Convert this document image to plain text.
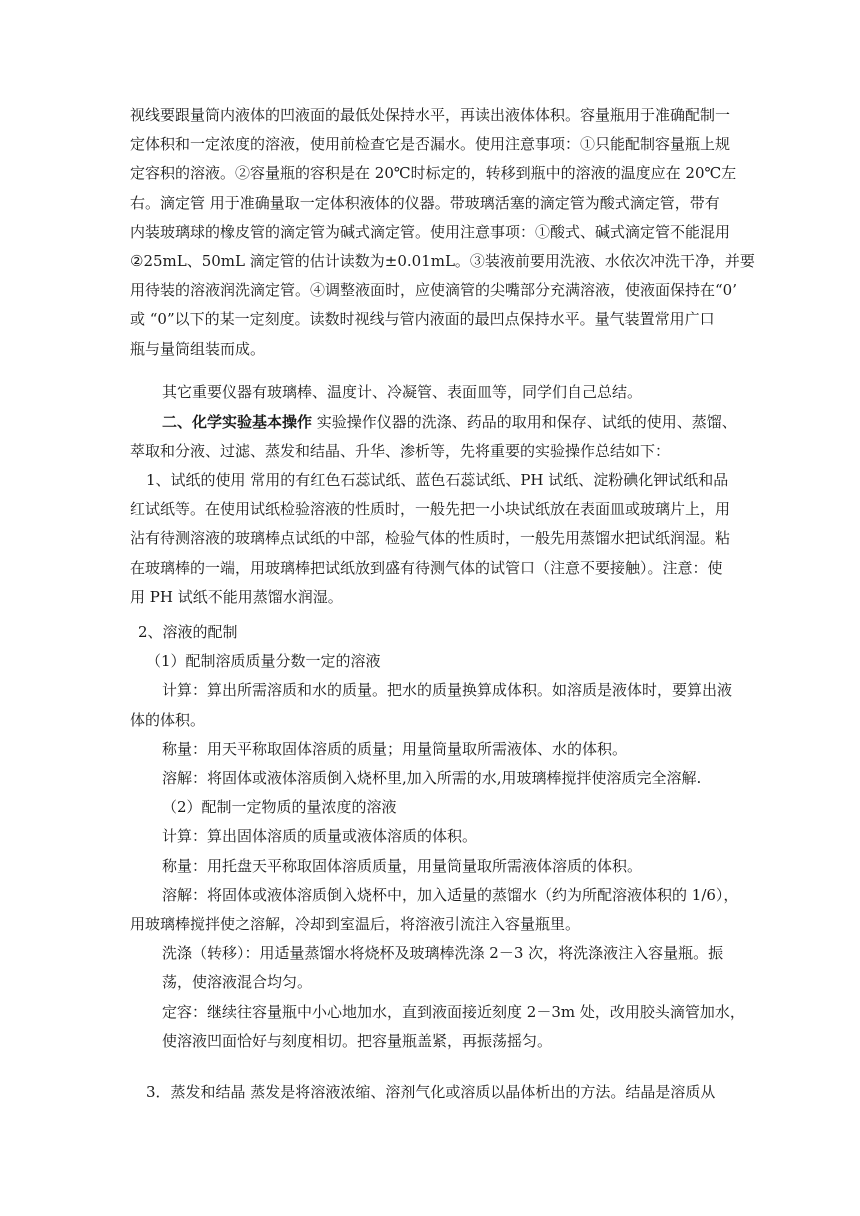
视线要跟量筒内液体的凹液面的最低处保持水平，再读出液体体积。容量瓶用于准确配制一
定体积和一定浓度的溶液，使用前检查它是否漏水。使用注意事项：①只能配制容量瓶上规
定容积的溶液。②容量瓶的容积是在 20℃时标定的，转移到瓶中的溶液的温度应在 20℃左
右。滴定管 用于准确量取一定体积液体的仪器。带玻璃活塞的滴定管为酸式滴定管，带有
内装玻璃球的橡皮管的滴定管为碱式滴定管。使用注意事项：①酸式、碱式滴定管不能混用
②25mL、50mL 滴定管的估计读数为±0.01mL。③装液前要用洗液、水依次冲洗干净，并要
用待装的溶液润洗滴定管。④调整液面时，应使滴管的尖嘴部分充满溶液，使液面保持在“0’
或 “0”以下的某一定刻度。读数时视线与管内液面的最凹点保持水平。量气装置常用广口
瓶与量筒组装而成。

其它重要仪器有玻璃棒、温度计、冷凝管、表面皿等，同学们自己总结。

二、化学实验基本操作 实验操作仪器的洗涤、药品的取用和保存、试纸的使用、蒸馏、
萃取和分液、过滤、蒸发和结晶、升华、渗析等，先将重要的实验操作总结如下：

1、试纸的使用 常用的有红色石蕊试纸、蓝色石蕊试纸、PH 试纸、淀粉碘化钾试纸和品
红试纸等。在使用试纸检验溶液的性质时，一般先把一小块试纸放在表面皿或玻璃片上，用
沾有待测溶液的玻璃棒点试纸的中部，检验气体的性质时，一般先用蒸馏水把试纸润湿。粘
在玻璃棒的一端，用玻璃棒把试纸放到盛有待测气体的试管口（注意不要接触）。注意：使
用 PH 试纸不能用蒸馏水润湿。

2、溶液的配制
（1）配制溶质质量分数一定的溶液
计算：算出所需溶质和水的质量。把水的质量换算成体积。如溶质是液体时，要算出液
体的体积。
称量：用天平称取固体溶质的质量；用量筒量取所需液体、水的体积。
溶解：将固体或液体溶质倒入烧杯里,加入所需的水,用玻璃棒搅拌使溶质完全溶解.
（2）配制一定物质的量浓度的溶液
计算：算出固体溶质的质量或液体溶质的体积。
称量：用托盘天平称取固体溶质质量，用量筒量取所需液体溶质的体积。
溶解：将固体或液体溶质倒入烧杯中，加入适量的蒸馏水（约为所配溶液体积的 1/6），
用玻璃棒搅拌使之溶解，冷却到室温后，将溶液引流注入容量瓶里。
洗涤（转移）：用适量蒸馏水将烧杯及玻璃棒洗涤 2－3 次，将洗涤液注入容量瓶。振
荡，使溶液混合均匀。
定容：继续往容量瓶中小心地加水，直到液面接近刻度 2－3m 处，改用胶头滴管加水，
使溶液凹面恰好与刻度相切。把容量瓶盖紧，再振荡摇匀。

3．蒸发和结晶 蒸发是将溶液浓缩、溶剂气化或溶质以晶体析出的方法。结晶是溶质从
